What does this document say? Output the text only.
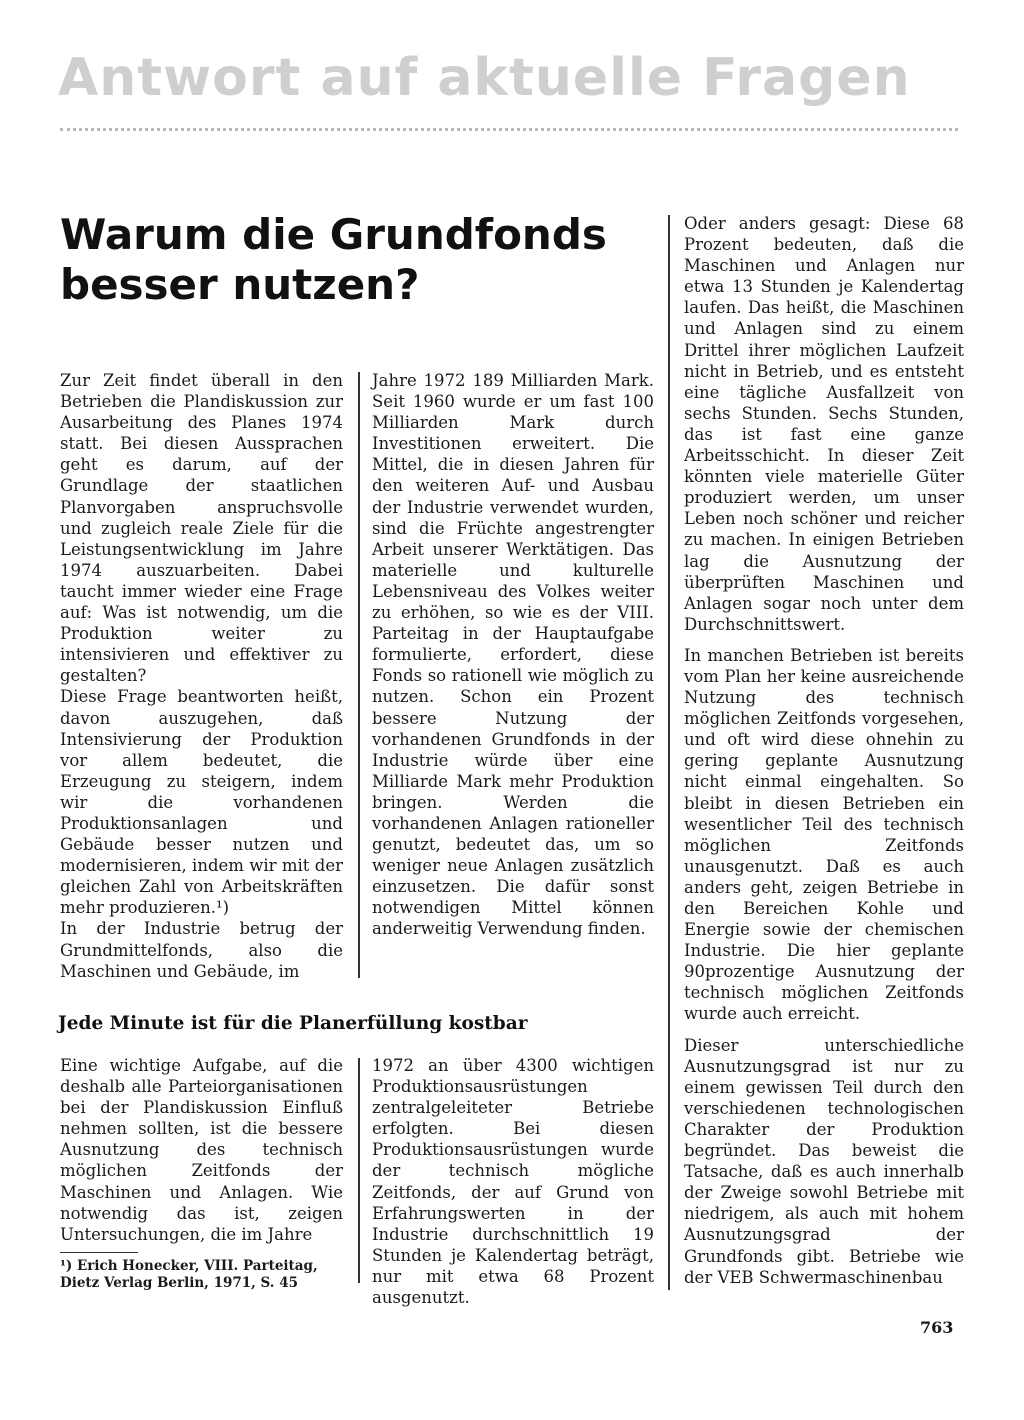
Antwort auf aktuelle Fragen
Warum die Grundfonds
besser nutzen?

Zur Zeit findet überall in den Betrieben die Plandiskussion zur Ausarbeitung des Planes 1974 statt. Bei diesen Aussprachen geht es darum, auf der Grundlage der staatlichen Planvorgaben anspruchsvolle und zugleich reale Ziele für die Leistungsentwicklung im Jahre 1974 auszuarbeiten. Dabei taucht immer wieder eine Frage auf: Was ist notwendig, um die Produktion weiter zu intensivieren und effektiver zu gestalten?

Diese Frage beantworten heißt, davon auszugehen, daß Intensivierung der Produktion vor allem bedeutet, die Erzeugung zu steigern, indem wir die vorhandenen Produktionsanlagen und Gebäude besser nutzen und modernisieren, indem wir mit der gleichen Zahl von Arbeitskräften mehr produzieren.¹)

In der Industrie betrug der Grundmittelfonds, also die Maschinen und Gebäude, im

Jahre 1972 189 Milliarden Mark. Seit 1960 wurde er um fast 100 Milliarden Mark durch Investitionen erweitert. Die Mittel, die in diesen Jahren für den weiteren Auf- und Ausbau der Industrie verwendet wurden, sind die Früchte angestrengter Arbeit unserer Werktätigen. Das materielle und kulturelle Lebensniveau des Volkes weiter zu erhöhen, so wie es der VIII. Parteitag in der Hauptaufgabe formulierte, erfordert, diese Fonds so rationell wie möglich zu nutzen. Schon ein Prozent bessere Nutzung der vorhandenen Grundfonds in der Industrie würde über eine Milliarde Mark mehr Produktion bringen. Werden die vorhandenen Anlagen rationeller genutzt, bedeutet das, um so weniger neue Anlagen zusätzlich einzusetzen. Die dafür sonst notwendigen Mittel können anderweitig Verwendung finden.

Oder anders gesagt: Diese 68 Prozent bedeuten, daß die Maschinen und Anlagen nur etwa 13 Stunden je Kalendertag laufen. Das heißt, die Maschinen und Anlagen sind zu einem Drittel ihrer möglichen Laufzeit nicht in Betrieb, und es entsteht eine tägliche Ausfallzeit von sechs Stunden. Sechs Stunden, das ist fast eine ganze Arbeitsschicht. In dieser Zeit könnten viele materielle Güter produziert werden, um unser Leben noch schöner und reicher zu machen. In einigen Betrieben lag die Ausnutzung der überprüften Maschinen und Anlagen sogar noch unter dem Durchschnittswert.

In manchen Betrieben ist bereits vom Plan her keine ausreichende Nutzung des technisch möglichen Zeitfonds vorgesehen, und oft wird diese ohnehin zu gering geplante Ausnutzung nicht einmal eingehalten. So bleibt in diesen Betrieben ein wesentlicher Teil des technisch möglichen Zeitfonds unausgenutzt. Daß es auch anders geht, zeigen Betriebe in den Bereichen Kohle und Energie sowie der chemischen Industrie. Die hier geplante 90prozentige Ausnutzung der technisch möglichen Zeitfonds wurde auch erreicht.

Dieser unterschiedliche Ausnutzungsgrad ist nur zu einem gewissen Teil durch den verschiedenen technologischen Charakter der Produktion begründet. Das beweist die Tatsache, daß es auch innerhalb der Zweige sowohl Betriebe mit niedrigem, als auch mit hohem Ausnutzungsgrad der Grundfonds gibt. Betriebe wie der VEB Schwermaschinenbau

Jede Minute ist für die Planerfüllung kostbar

Eine wichtige Aufgabe, auf die deshalb alle Parteiorganisationen bei der Plandiskussion Einfluß nehmen sollten, ist die bessere Ausnutzung des technisch möglichen Zeitfonds der Maschinen und Anlagen. Wie notwendig das ist, zeigen Untersuchungen, die im Jahre

1972 an über 4300 wichtigen Produktionsausrüstungen zentralgeleiteter Betriebe erfolgten. Bei diesen Produktionsausrüstungen wurde der technisch mögliche Zeitfonds, der auf Grund von Erfahrungswerten in der Industrie durchschnittlich 19 Stunden je Kalendertag beträgt, nur mit etwa 68 Prozent ausgenutzt.

¹) Erich Honecker, VIII. Parteitag, Dietz Verlag Berlin, 1971, S. 45
763
